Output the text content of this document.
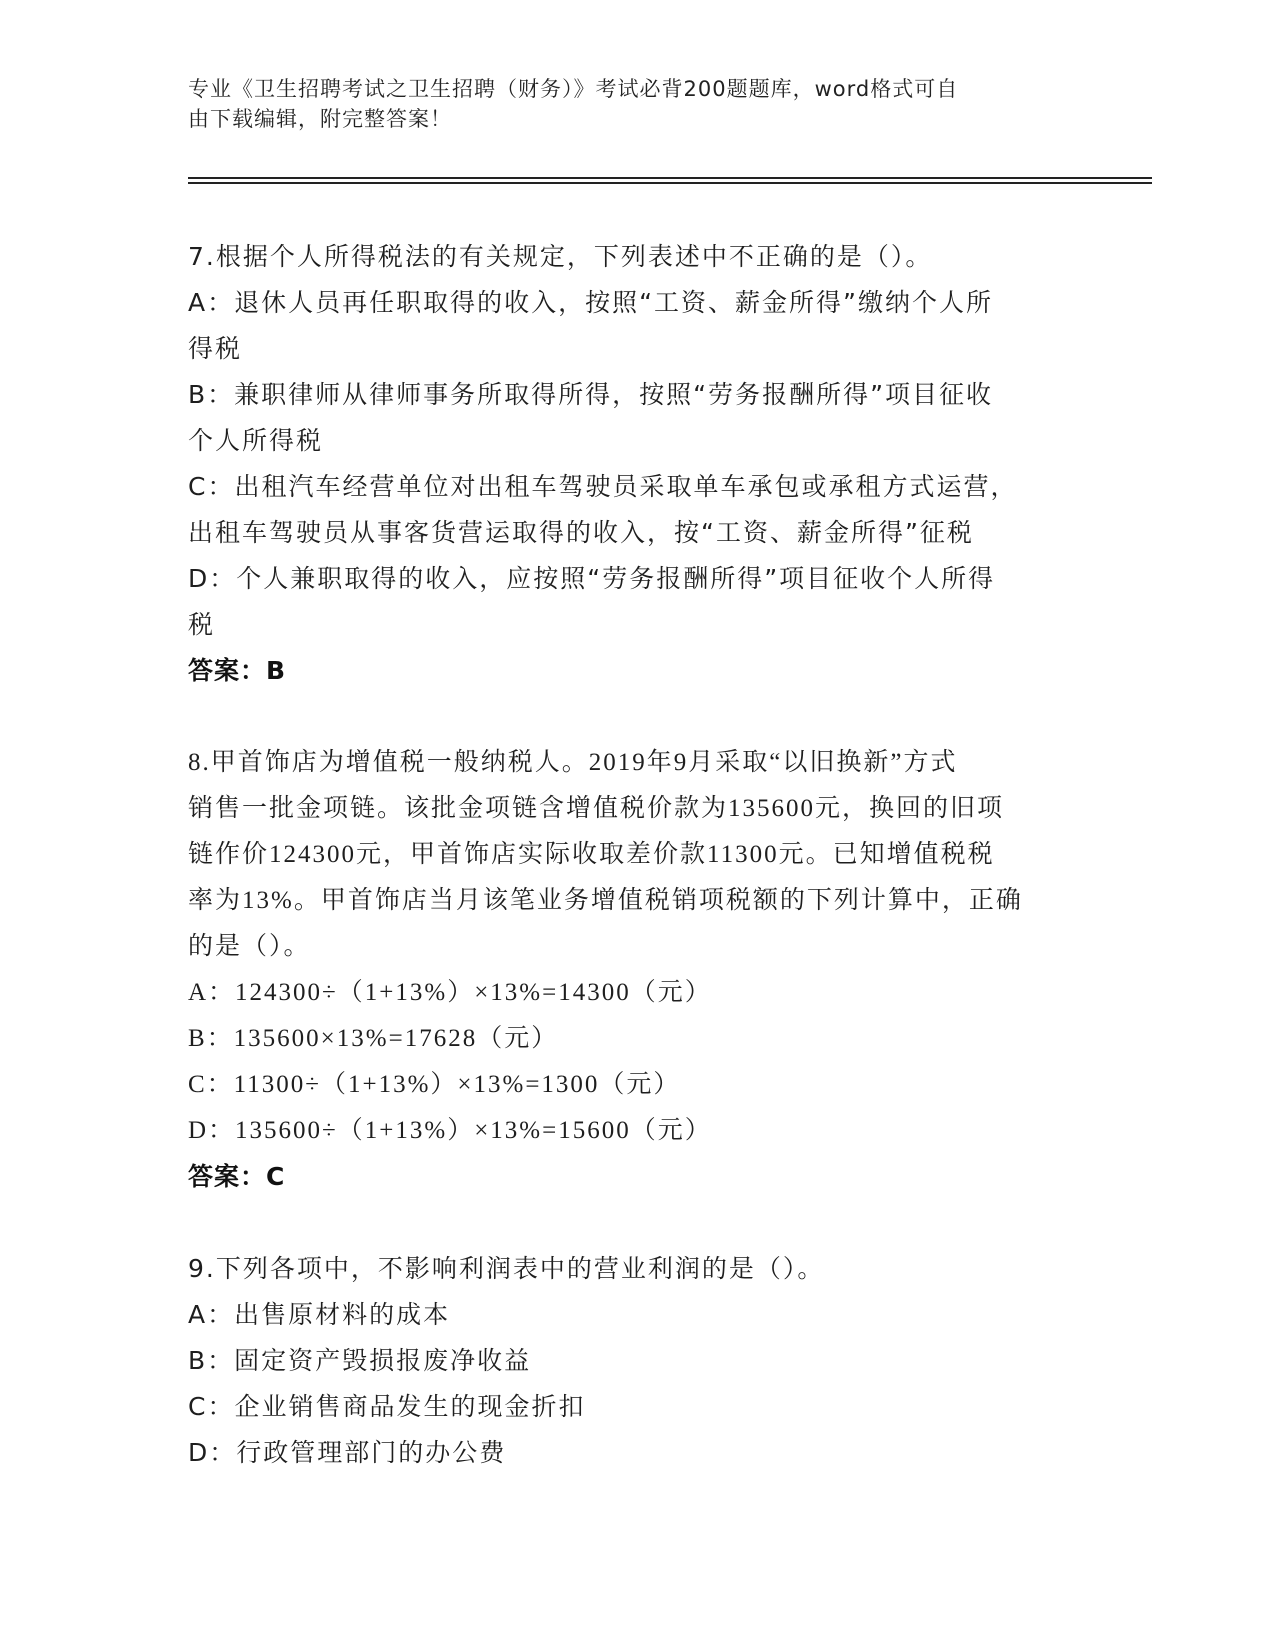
专业《卫生招聘考试之卫生招聘（财务）》考试必背200题题库，word格式可自
由下载编辑，附完整答案！
7.根据个人所得税法的有关规定，下列表述中不正确的是（）。
A：退休人员再任职取得的收入，按照“工资、薪金所得”缴纳个人所
得税
B：兼职律师从律师事务所取得所得，按照“劳务报酬所得”项目征收
个人所得税
C：出租汽车经营单位对出租车驾驶员采取单车承包或承租方式运营，
出租车驾驶员从事客货营运取得的收入，按“工资、薪金所得”征税
D：个人兼职取得的收入，应按照“劳务报酬所得”项目征收个人所得
税
答案：B
8.甲首饰店为增值税一般纳税人。2019年9月采取“以旧换新”方式
销售一批金项链。该批金项链含增值税价款为135600元，换回的旧项
链作价124300元，甲首饰店实际收取差价款11300元。已知增值税税
率为13%。甲首饰店当月该笔业务增值税销项税额的下列计算中，正确
的是（）。
A：124300÷（1+13%）×13%=14300（元）
B：135600×13%=17628（元）
C：11300÷（1+13%）×13%=1300（元）
D：135600÷（1+13%）×13%=15600（元）
答案：C
9.下列各项中，不影响利润表中的营业利润的是（）。
A：出售原材料的成本
B：固定资产毁损报废净收益
C：企业销售商品发生的现金折扣
D：行政管理部门的办公费
